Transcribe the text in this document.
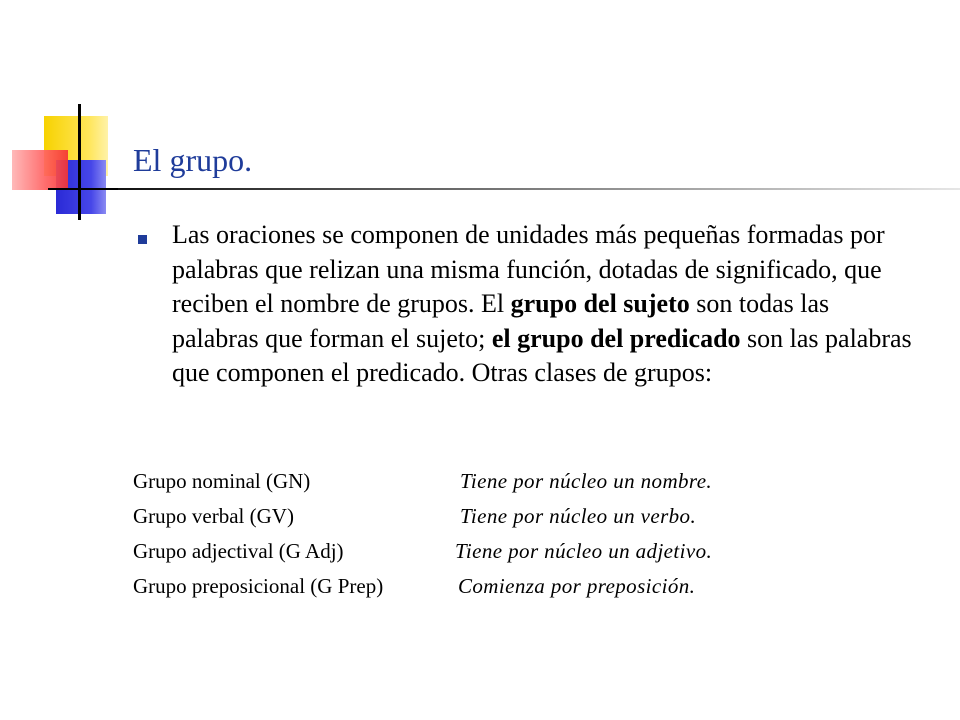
El grupo.

Las oraciones se componen de unidades más pequeñas formadas por palabras que relizan una misma función, dotadas de significado, que reciben el nombre de grupos. El grupo del sujeto son todas las palabras que forman el sujeto; el grupo del predicado son las palabras que componen el predicado. Otras clases de grupos:

Grupo nominal (GN)	Tiene por núcleo un nombre.
Grupo verbal (GV)	Tiene por núcleo un verbo.
Grupo adjectival (G Adj)	Tiene por núcleo un adjetivo.
Grupo preposicional (G Prep)	Comienza por preposición.
